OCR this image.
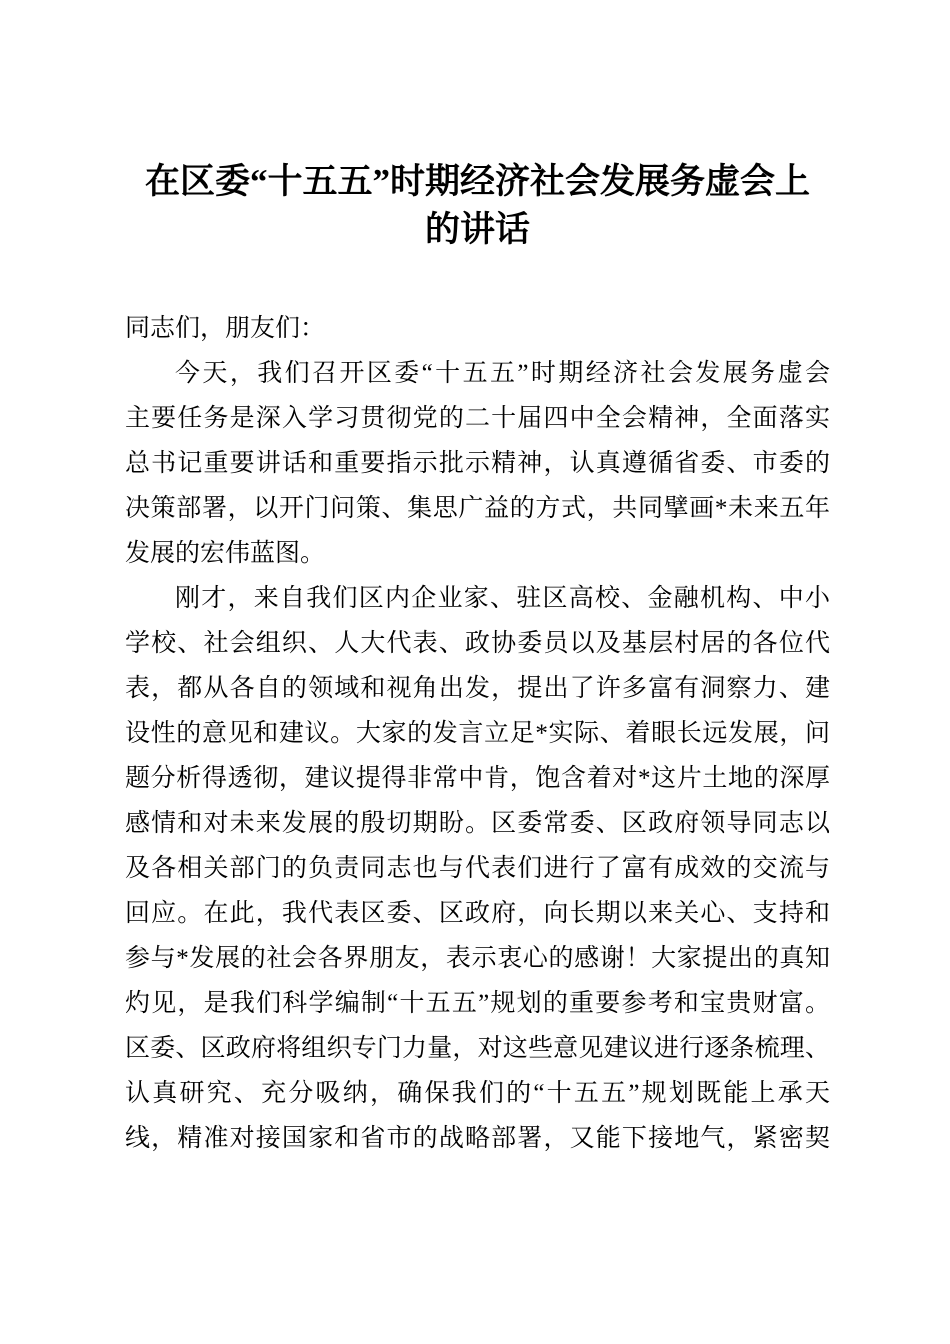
在区委“十五五”时期经济社会发展务虚会上
的讲话

同志们，朋友们：

今天，我们召开区委“十五五”时期经济社会发展务虚会

主要任务是深入学习贯彻党的二十届四中全会精神，全面落实

总书记重要讲话和重要指示批示精神，认真遵循省委、市委的

决策部署，以开门问策、集思广益的方式，共同擘画*未来五年

发展的宏伟蓝图。

刚才，来自我们区内企业家、驻区高校、金融机构、中小

学校、社会组织、人大代表、政协委员以及基层村居的各位代

表，都从各自的领域和视角出发，提出了许多富有洞察力、建

设性的意见和建议。大家的发言立足*实际、着眼长远发展，问

题分析得透彻，建议提得非常中肯，饱含着对*这片土地的深厚

感情和对未来发展的殷切期盼。区委常委、区政府领导同志以

及各相关部门的负责同志也与代表们进行了富有成效的交流与

回应。在此，我代表区委、区政府，向长期以来关心、支持和

参与*发展的社会各界朋友，表示衷心的感谢！大家提出的真知

灼见，是我们科学编制“十五五”规划的重要参考和宝贵财富。

区委、区政府将组织专门力量，对这些意见建议进行逐条梳理、

认真研究、充分吸纳，确保我们的“十五五”规划既能上承天

线，精准对接国家和省市的战略部署，又能下接地气，紧密契
